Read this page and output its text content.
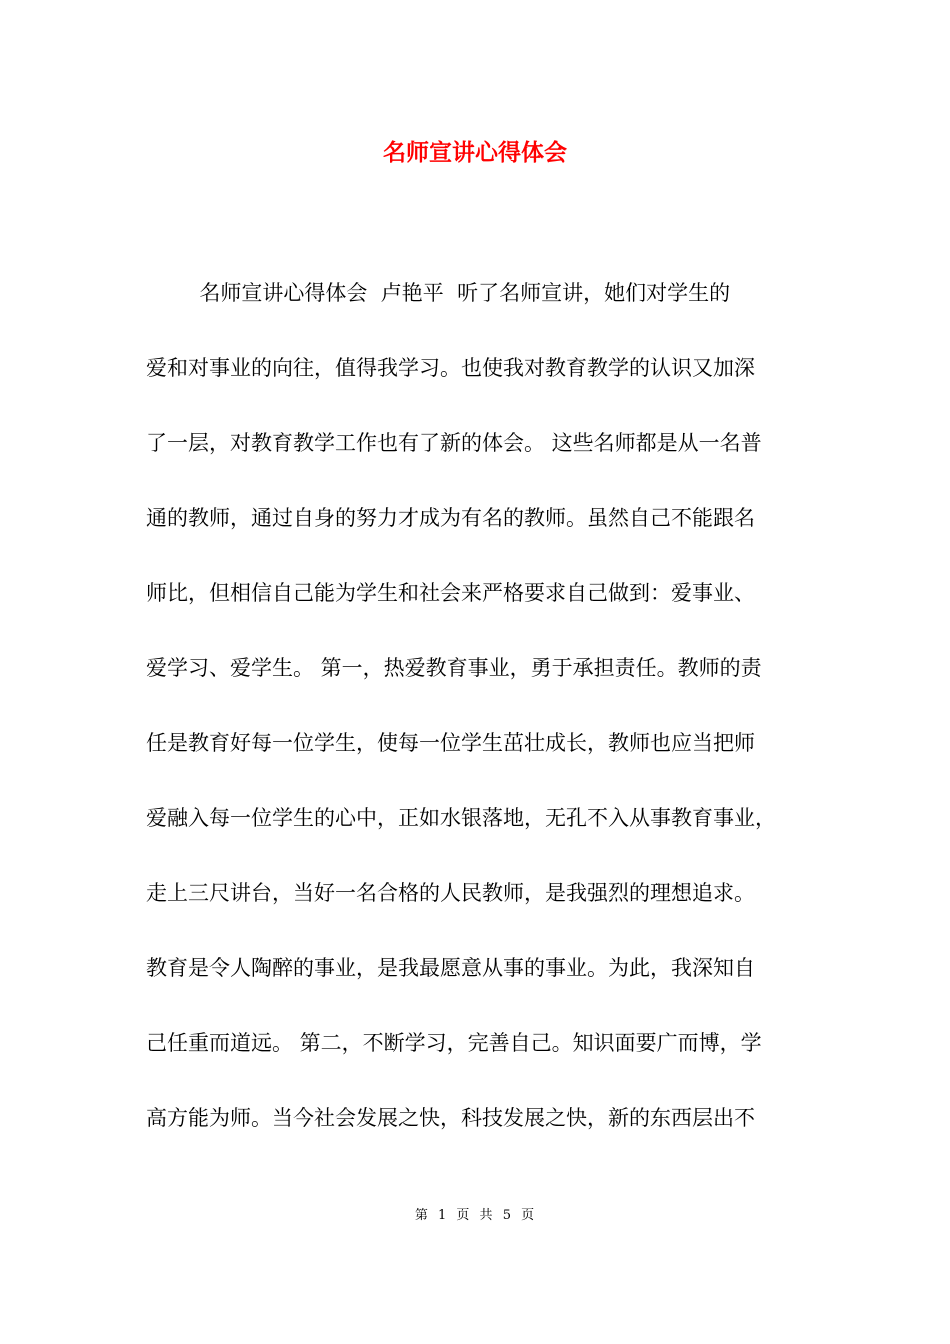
名师宣讲心得体会

名师宣讲心得体会  卢艳平  听了名师宣讲，她们对学生的

爱和对事业的向往，值得我学习。也使我对教育教学的认识又加深

了一层，对教育教学工作也有了新的体会。 这些名师都是从一名普

通的教师，通过自身的努力才成为有名的教师。虽然自己不能跟名

师比，但相信自己能为学生和社会来严格要求自己做到：爱事业、

爱学习、爱学生。 第一，热爱教育事业，勇于承担责任。教师的责

任是教育好每一位学生，使每一位学生茁壮成长，教师也应当把师

爱融入每一位学生的心中，正如水银落地，无孔不入从事教育事业，

走上三尺讲台，当好一名合格的人民教师，是我强烈的理想追求。

教育是令人陶醉的事业，是我最愿意从事的事业。为此，我深知自

己任重而道远。 第二，不断学习，完善自己。知识面要广而博，学

高方能为师。当今社会发展之快，科技发展之快，新的东西层出不

第 1 页 共 5 页
